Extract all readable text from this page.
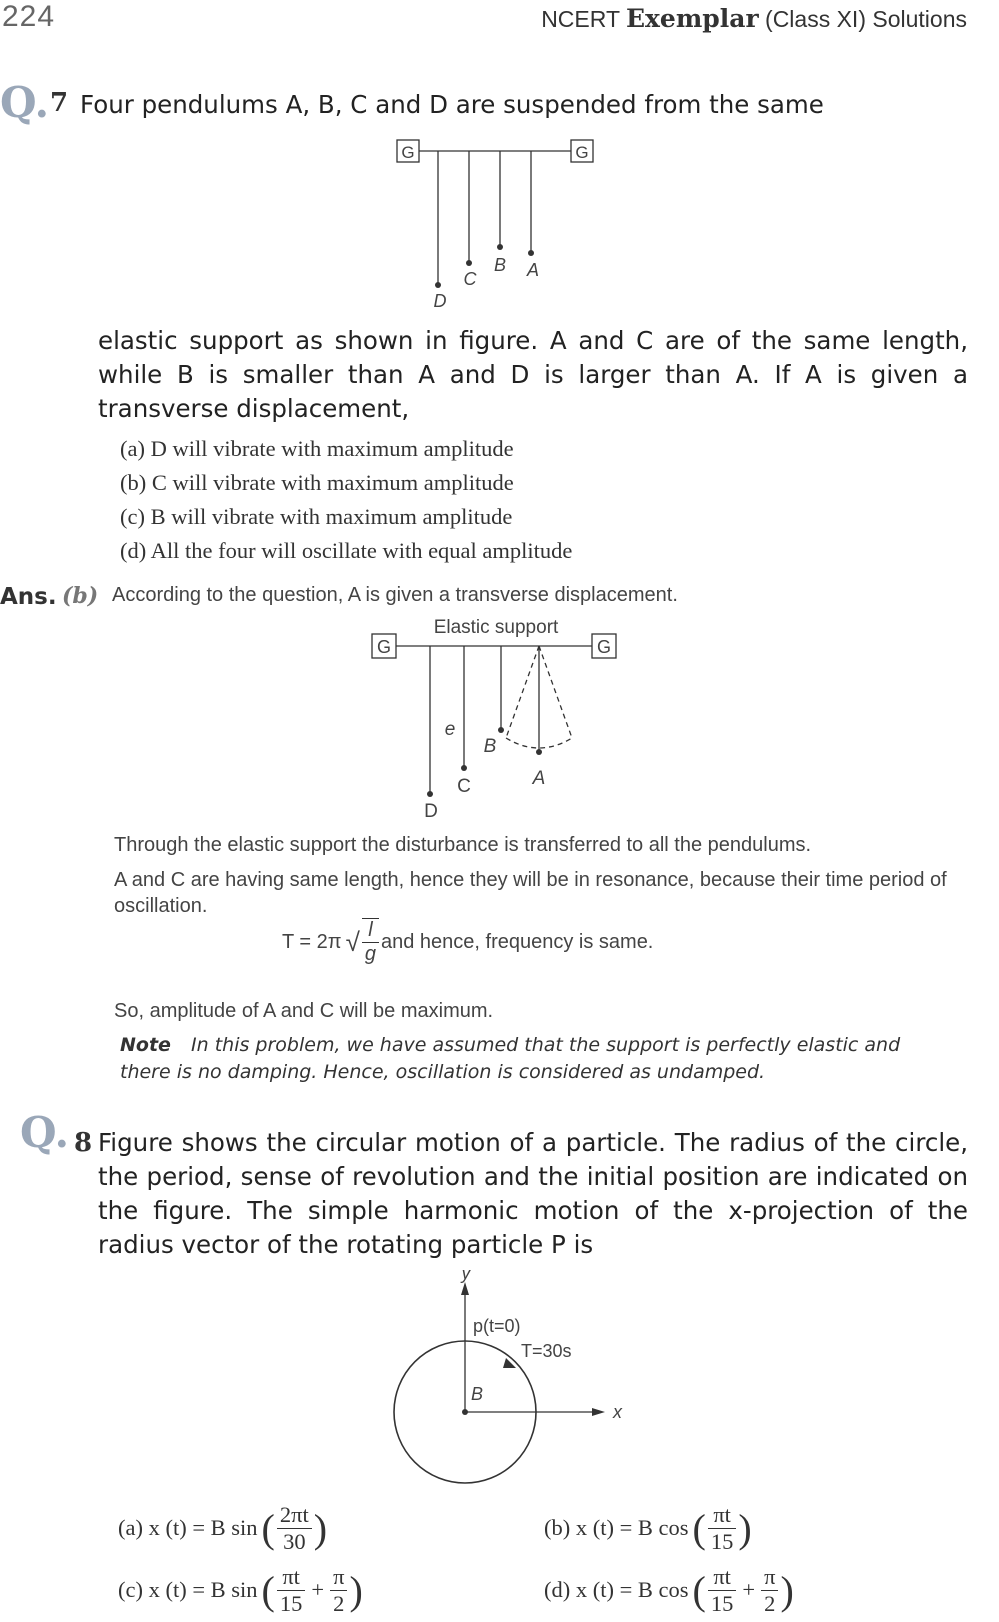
224	NCERT Exemplar (Class XI) Solutions
Q. 7 Four pendulums A, B, C and D are suspended from the same
G	G
D
C
B A
elastic support as shown in figure. A and C are of the same length, while B is smaller than A and D is larger than A. If A is given a transverse displacement,
(a) D will vibrate with maximum amplitude
(b) C will vibrate with maximum amplitude
(c) B will vibrate with maximum amplitude
(d) All the four will oscillate with equal amplitude
Ans. (b) According to the question, A is given a transverse displacement.
Elastic support
G	G
D
C
e
B
A
Through the elastic support the disturbance is transferred to all the pendulums.
A and C are having same length, hence they will be in resonance, because their time period of oscillation.
T = 2π √ $\frac{l}{g}$ and hence, frequency is same.
So, amplitude of A and C will be maximum.
Note In this problem, we have assumed that the support is perfectly elastic and there is no damping. Hence, oscillation is considered as undamped.
Q. 8 Figure shows the circular motion of a particle. The radius of the circle, the period, sense of revolution and the initial position are indicated on the figure. The simple harmonic motion of the x-projection of the radius vector of the rotating particle P is
y
x
p(t=0)
T=30s
B
(a) x (t) = B sin ( $\frac{2\pi t}{30}$ )	(b) x (t) = B cos ( $\frac{\pi t}{15}$ )
(c) x (t) = B sin ( $\frac{\pi t}{15} + \frac{\pi}{2}$ )	(d) x (t) = B cos ( $\frac{\pi t}{15} + \frac{\pi}{2}$ )
